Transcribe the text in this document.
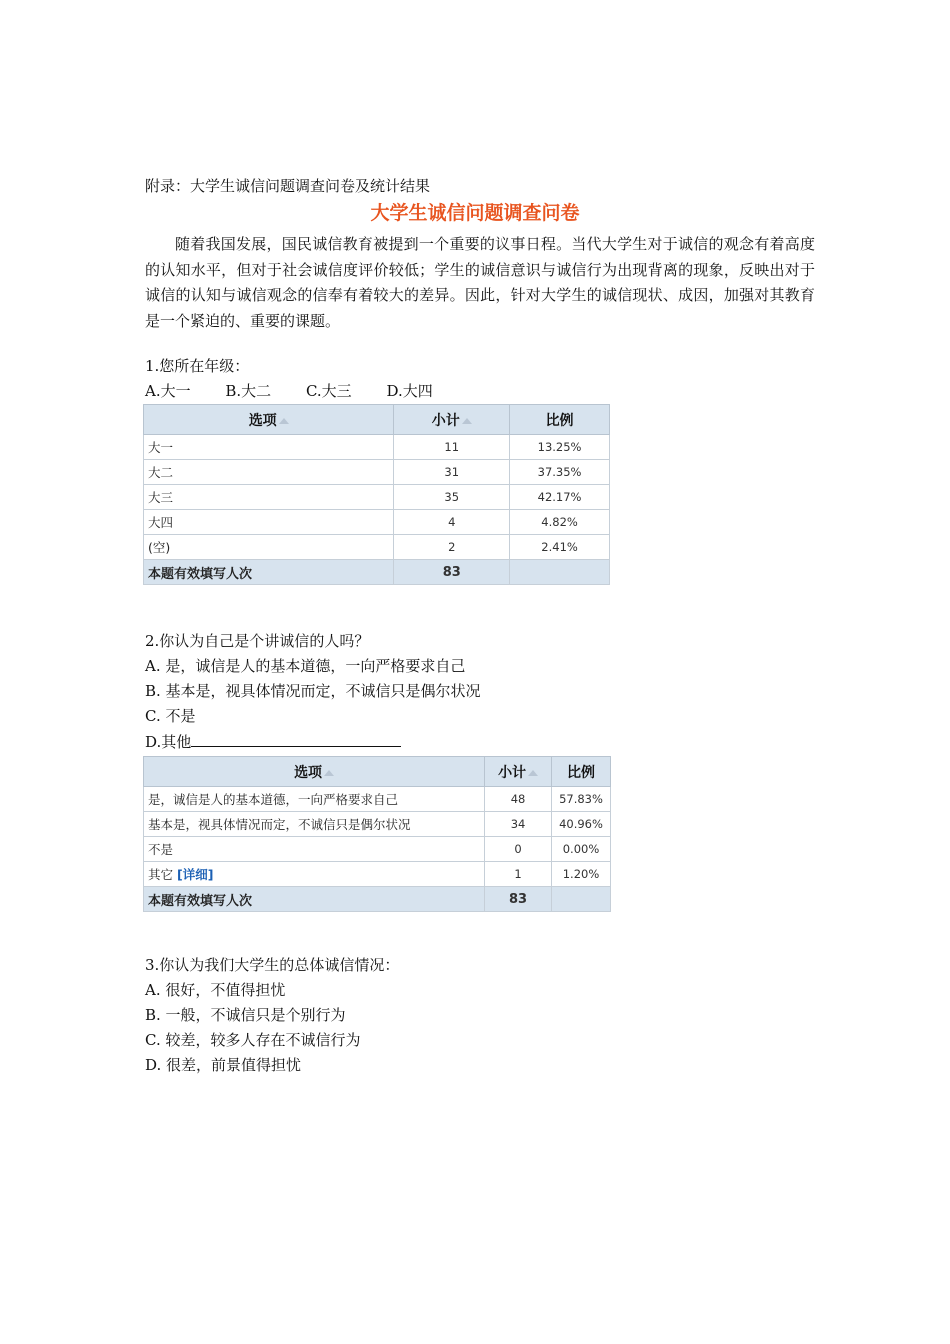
附录：大学生诚信问题调查问卷及统计结果
大学生诚信问题调查问卷
随着我国发展，国民诚信教育被提到一个重要的议事日程。当代大学生对于诚信的观念有着高度的认知水平，但对于社会诚信度评价较低；学生的诚信意识与诚信行为出现背离的现象，反映出对于诚信的认知与诚信观念的信奉有着较大的差异。因此，针对大学生的诚信现状、成因，加强对其教育是一个紧迫的、重要的课题。
1.您所在年级：
A.大一 B.大二 C.大三 D.大四
选项	小计	比例
大一	11	13.25%
大二	31	37.35%
大三	35	42.17%
大四	4	4.82%
(空)	2	2.41%
本题有效填写人次	83	
2.你认为自己是个讲诚信的人吗？
A. 是，诚信是人的基本道德，一向严格要求自己
B. 基本是，视具体情况而定，不诚信只是偶尔状况
C. 不是
D.其他
选项	小计	比例
是，诚信是人的基本道德，一向严格要求自己	48	57.83%
基本是，视具体情况而定，不诚信只是偶尔状况	34	40.96%
不是	0	0.00%
其它 [详细]	1	1.20%
本题有效填写人次	83	
3.你认为我们大学生的总体诚信情况：
A. 很好，不值得担忧
B. 一般，不诚信只是个别行为
C. 较差，较多人存在不诚信行为
D. 很差，前景值得担忧
